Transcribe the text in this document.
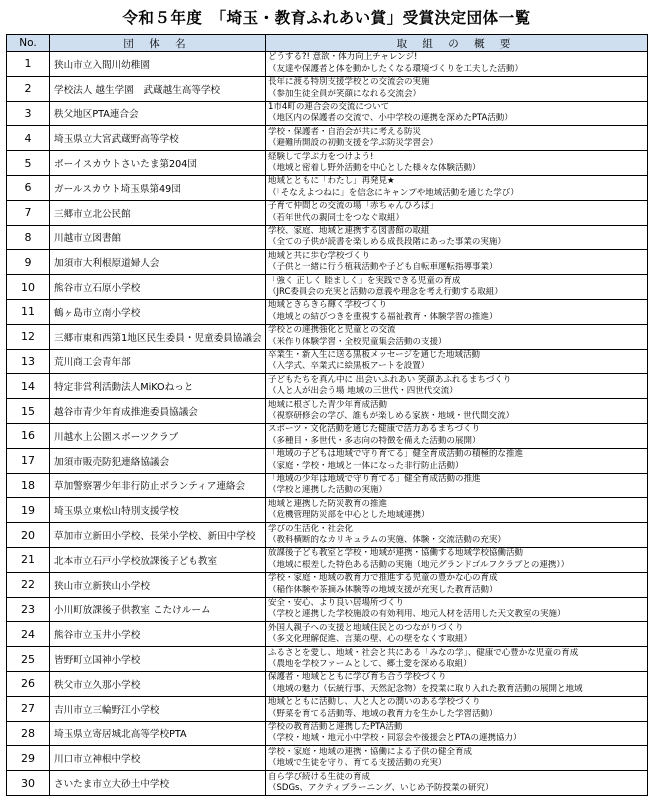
令和５年度　「埼玉・教育ふれあい賞」受賞決定団体一覧
No.	団 体 名	取 組 の 概 要
1	狭山市立入間川幼稚園	どうする?! 意欲・体力向上チャレンジ!
（友達や保護者と体を動かしたくなる環境づくりを工夫した活動）

2	学校法人 越生学園　武蔵越生高等学校	長年に渡る特別支援学校との交流会の実施
（参加生徒全員が笑顔になれる交流会）

3	秩父地区PTA連合会	1市4町の連合会の交流について
（地区内の保護者の交流で、小中学校の連携を深めたPTA活動）

4	埼玉県立大宮武蔵野高等学校	学校・保護者・自治会が共に考える防災
（避難所開設の初動支援を学ぶ防災学習会）

5	ボーイスカウトさいたま第204団	経験して学ぶ力をつけよう!
（地域と密着し野外活動を中心とした様々な体験活動）

6	ガールスカウト埼玉県第49団	地域とともに「わたし」再発見★
（「そなえよつねに」を信念にキャンプや地域活動を通じた学び）

7	三郷市立北公民館	子育て仲間との交流の場「赤ちゃんひろば」
（若年世代の親同士をつなぐ取組）

8	川越市立図書館	学校、家庭、地域と連携する図書館の取組
（全ての子供が読書を楽しめる成長段階にあった事業の実施）

9	加須市大利根原道婦人会	地域と共に歩む学校づくり
（子供と一緒に行う植栽活動や子ども自転車運転指導事業）

10	熊谷市立石原小学校	「強く 正しく 睦ましく」を実践できる児童の育成
（JRC委員会の充実と活動の意義や理念を考え行動する取組）

11	鶴ヶ島市立南小学校	地域ときらきら輝く学校づくり
（地域との結びつきを重視する福祉教育・体験学習の推進）

12	三郷市東和西第1地区民生委員・児童委員協議会	学校との連携強化と児童との交流
（米作り体験学習・全校児童集会活動の支援）

13	荒川商工会青年部	卒業生・新入生に送る黒板メッセージを通じた地域活動
（入学式、卒業式に絵黒板アートを設置）

14	特定非営利活動法人MiKOねっと	子どもたちを真ん中に 出会いふれあい 笑顔あふれるまちづくり
（人と人が出会う場 地域の三世代・四世代交流）

15	越谷市青少年育成推進委員協議会	地域に根ざした青少年育成活動
（視察研修会の学び、誰もが楽しめる家族・地域・世代間交流）

16	川越水上公園スポーツクラブ	スポーツ・文化活動を通じた健康で活力あるまちづくり
（多種目・多世代・多志向の特徴を備えた活動の展開）

17	加須市販売防犯連絡協議会	「地域の子どもは地域で守り育てる」健全育成活動の積極的な推進
（家庭・学校・地域と一体になった非行防止活動）

18	草加警察署少年非行防止ボランティア連絡会	「地域の少年は地域で守り育てる」健全育成活動の推進
（学校と連携した活動の実施）

19	埼玉県立東松山特別支援学校	地域と連携した防災教育の推進
（危機管理防災部を中心とした地域連携）

20	草加市立新田小学校、長栄小学校、新田中学校	学びの生活化・社会化
（教科横断的なカリキュラムの実施、体験・交流活動の充実）

21	北本市立石戸小学校放課後子ども教室	放課後子ども教室と学校・地域が連携・協働する地域学校協働活動
（地域に根差した特色ある活動の実施（地元グランドゴルフクラブとの連携））

22	狭山市立新狭山小学校	学校・家庭・地域の教育力で推進する児童の豊かな心の育成
（稲作体験や茶摘み体験等の地域支援が充実した教育活動）

23	小川町放課後子供教室 こたけルーム	安全・安心、より良い居場所づくり
（学校と連携した学校施設の有効利用、地元人材を活用した天文教室の実施）

24	熊谷市立玉井小学校	外国人親子への支援と地域住民とのつながりづくり
（多文化理解促進、言葉の壁、心の壁をなくす取組）

25	皆野町立国神小学校	ふるさとを愛し、地域・社会と共にある「みなの学」、健康で心豊かな児童の育成
（農地を学校ファームとして、郷土愛を深める取組）

26	秩父市立久那小学校	保護者・地域とともに学び育ち合う学校づくり
（地域の魅力（伝統行事、天然記念物）を授業に取り入れた教育活動の展開と地域

27	吉川市立三輪野江小学校	地域とともに活動し、人と人との潤いのある学校づくり
（野菜を育てる活動等、地域の教育力を生かした学習活動）

28	埼玉県立寄居城北高等学校PTA	学校の教育活動と連携したPTA活動
（学校・地域・地元小中学校・同窓会や後援会とPTAの連携協力）

29	川口市立神根中学校	学校・家庭・地域の連携・協働による子供の健全育成
（地域で生徒を守り、育てる支援活動の充実）

30	さいたま市立大砂土中学校	自ら学び続ける生徒の育成
（SDGs、アクティブラーニング、いじめ予防授業の研究）
